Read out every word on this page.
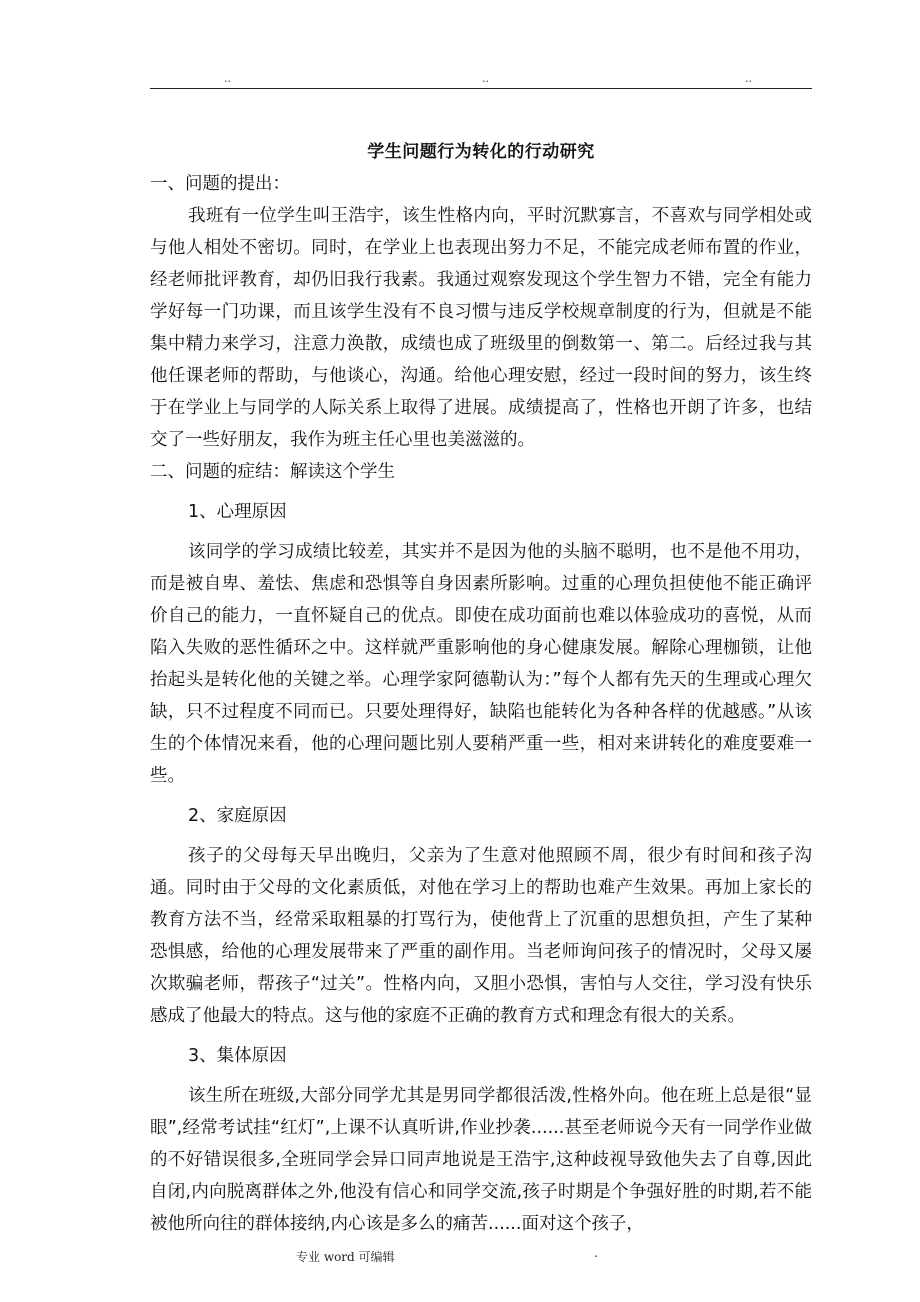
..	..	..
学生问题行为转化的行动研究

一、问题的提出：

我班有一位学生叫王浩宇，该生性格内向，平时沉默寡言，不喜欢与同学相处或与他人相处不密切。同时，在学业上也表现出努力不足，不能完成老师布置的作业，经老师批评教育，却仍旧我行我素。我通过观察发现这个学生智力不错，完全有能力学好每一门功课，而且该学生没有不良习惯与违反学校规章制度的行为，但就是不能集中精力来学习，注意力涣散，成绩也成了班级里的倒数第一、第二。后经过我与其他任课老师的帮助，与他谈心，沟通。给他心理安慰，经过一段时间的努力，该生终于在学业上与同学的人际关系上取得了进展。成绩提高了，性格也开朗了许多，也结交了一些好朋友，我作为班主任心里也美滋滋的。

二、问题的症结：解读这个学生

1、心理原因

该同学的学习成绩比较差，其实并不是因为他的头脑不聪明，也不是他不用功，而是被自卑、羞怯、焦虑和恐惧等自身因素所影响。过重的心理负担使他不能正确评价自己的能力，一直怀疑自己的优点。即使在成功面前也难以体验成功的喜悦，从而陷入失败的恶性循环之中。这样就严重影响他的身心健康发展。解除心理枷锁，让他抬起头是转化他的关键之举。心理学家阿德勒认为：”每个人都有先天的生理或心理欠缺，只不过程度不同而已。只要处理得好，缺陷也能转化为各种各样的优越感。”从该生的个体情况来看，他的心理问题比别人要稍严重一些，相对来讲转化的难度要难一些。

2、家庭原因

孩子的父母每天早出晚归，父亲为了生意对他照顾不周，很少有时间和孩子沟通。同时由于父母的文化素质低，对他在学习上的帮助也难产生效果。再加上家长的教育方法不当，经常采取粗暴的打骂行为，使他背上了沉重的思想负担，产生了某种恐惧感，给他的心理发展带来了严重的副作用。当老师询问孩子的情况时，父母又屡次欺骗老师，帮孩子“过关”。性格内向，又胆小恐惧，害怕与人交往，学习没有快乐感成了他最大的特点。这与他的家庭不正确的教育方式和理念有很大的关系。

3、集体原因

该生所在班级,大部分同学尤其是男同学都很活泼,性格外向。他在班上总是很“显眼”,经常考试挂“红灯”,上课不认真听讲,作业抄袭......甚至老师说今天有一同学作业做的不好错误很多,全班同学会异口同声地说是王浩宇,这种歧视导致他失去了自尊,因此自闭,内向脱离群体之外,他没有信心和同学交流,孩子时期是个争强好胜的时期,若不能被他所向往的群体接纳,内心该是多么的痛苦......面对这个孩子，

专业 word 可编辑	.
